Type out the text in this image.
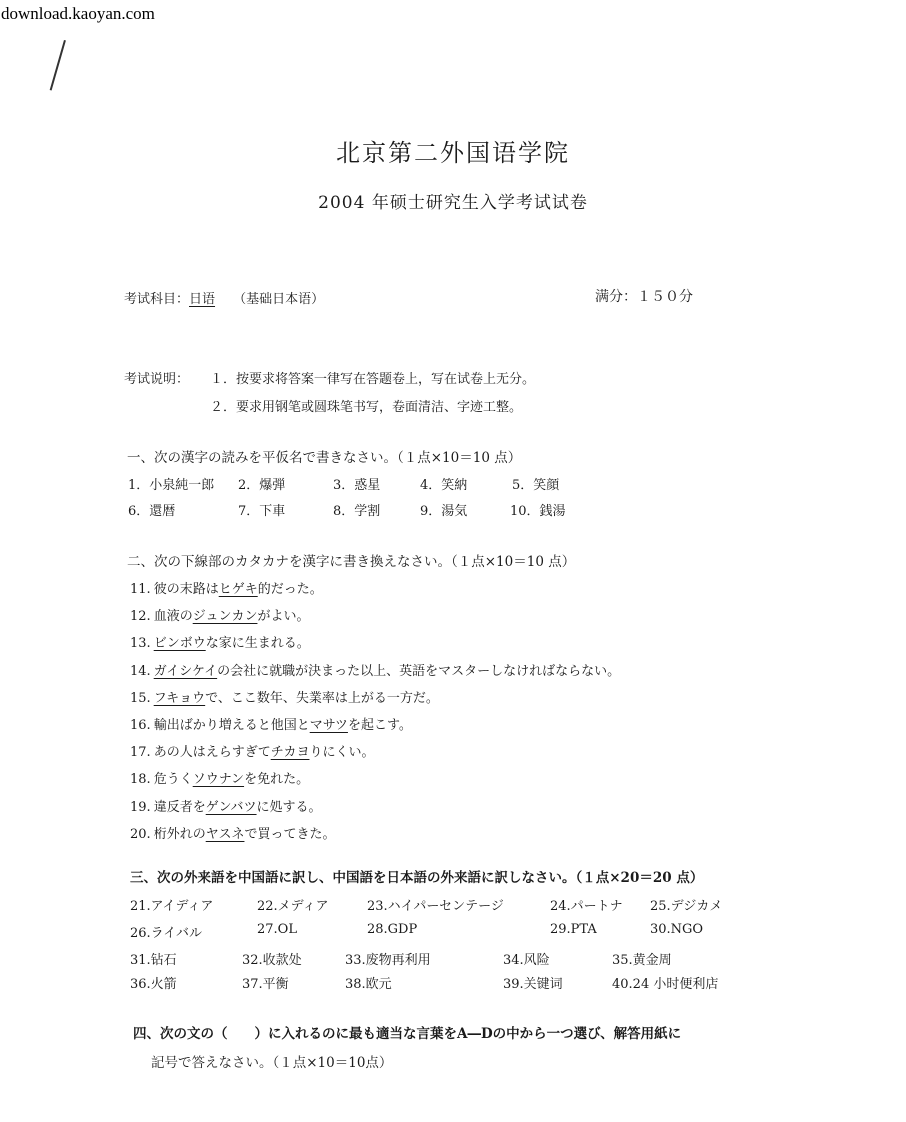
download.kaoyan.com
北京第二外国语学院
2004 年硕士研究生入学考试试卷
考试科目：日语 （基础日本语）	满分：１５０分
考试说明： １．按要求将答案一律写在答题卷上，写在试卷上无分。
２．要求用钢笔或圆珠笔书写，卷面清洁、字迹工整。
一、次の漢字の読みを平仮名で書きなさい。（１点×10＝10 点）
1．小泉純一郎 2．爆弾	3．惑星	4．笑納	5．笑顔
6．還暦	7．下車	8．学割	9．湯気	10．銭湯
二、次の下線部のカタカナを漢字に書き換えなさい。（１点×10＝10 点）
11. 彼の末路はヒゲキ的だった。
12. 血液のジュンカンがよい。
13. ビンボウな家に生まれる。
14. ガイシケイの会社に就職が決まった以上、英語をマスターしなければならない。
15. フキョウで、ここ数年、失業率は上がる一方だ。
16. 輸出ばかり増えると他国とマサツを起こす。
17. あの人はえらすぎてチカヨりにくい。
18. 危うくソウナンを免れた。
19. 違反者をゲンバツに処する。
20. 桁外れのヤスネで買ってきた。
三、次の外来語を中国語に訳し、中国語を日本語の外来語に訳しなさい。（１点×20＝20 点）
21.アイディア	22.メディア	23.ハイパーセンテージ	24.パートナ 25.デジカメ
26.ライバル	27.OL	28.GDP	29.PTA	30.NGO
31.钻石	32.收款处	33.废物再利用	34.风险	35.黄金周
36.火箭	37.平衡	38.欧元	39.关键词	40.24 小时便利店
四、次の文の（　　）に入れるのに最も適当な言葉をA―Dの中から一つ選び、解答用紙に
記号で答えなさい。（１点×10＝10点）
